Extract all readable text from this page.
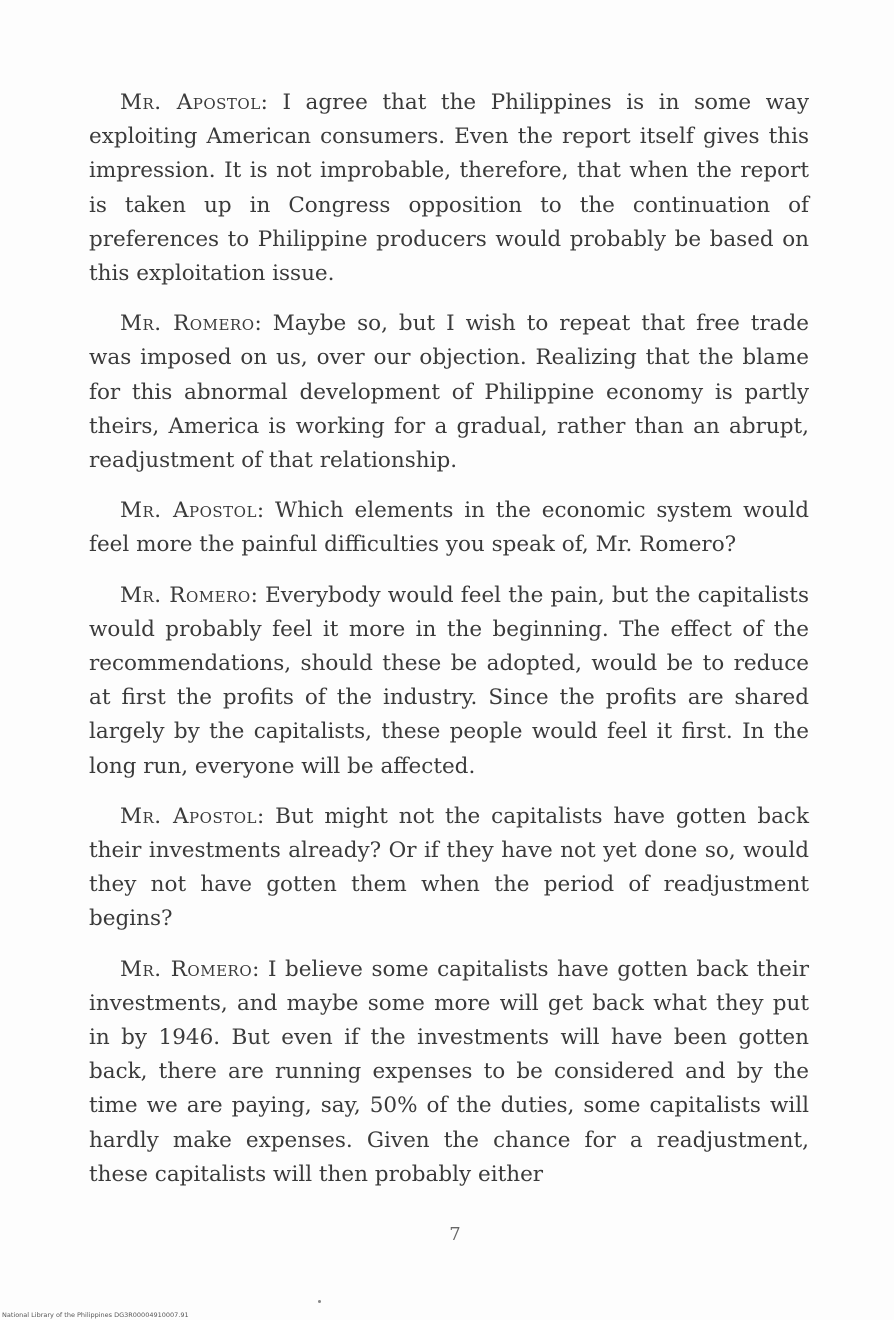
Mr. Apostol: I agree that the Philippines is in some way exploiting American consumers. Even the report itself gives this impression. It is not improbable, therefore, that when the report is taken up in Congress opposition to the continuation of preferences to Philippine producers would probably be based on this exploitation issue.

Mr. Romero: Maybe so, but I wish to repeat that free trade was imposed on us, over our objection. Realizing that the blame for this abnormal development of Philippine economy is partly theirs, America is working for a gradual, rather than an abrupt, readjustment of that relationship.

Mr. Apostol: Which elements in the economic system would feel more the painful difficulties you speak of, Mr. Romero?

Mr. Romero: Everybody would feel the pain, but the capitalists would probably feel it more in the beginning. The effect of the recommendations, should these be adopted, would be to reduce at first the profits of the industry. Since the profits are shared largely by the capitalists, these people would feel it first. In the long run, everyone will be affected.

Mr. Apostol: But might not the capitalists have gotten back their investments already? Or if they have not yet done so, would they not have gotten them when the period of readjustment begins?

Mr. Romero: I believe some capitalists have gotten back their investments, and maybe some more will get back what they put in by 1946. But even if the investments will have been gotten back, there are running expenses to be considered and by the time we are paying, say, 50% of the duties, some capitalists will hardly make expenses. Given the chance for a readjustment, these capitalists will then probably either

7
National Library of the Philippines DG3R00004910007.91
